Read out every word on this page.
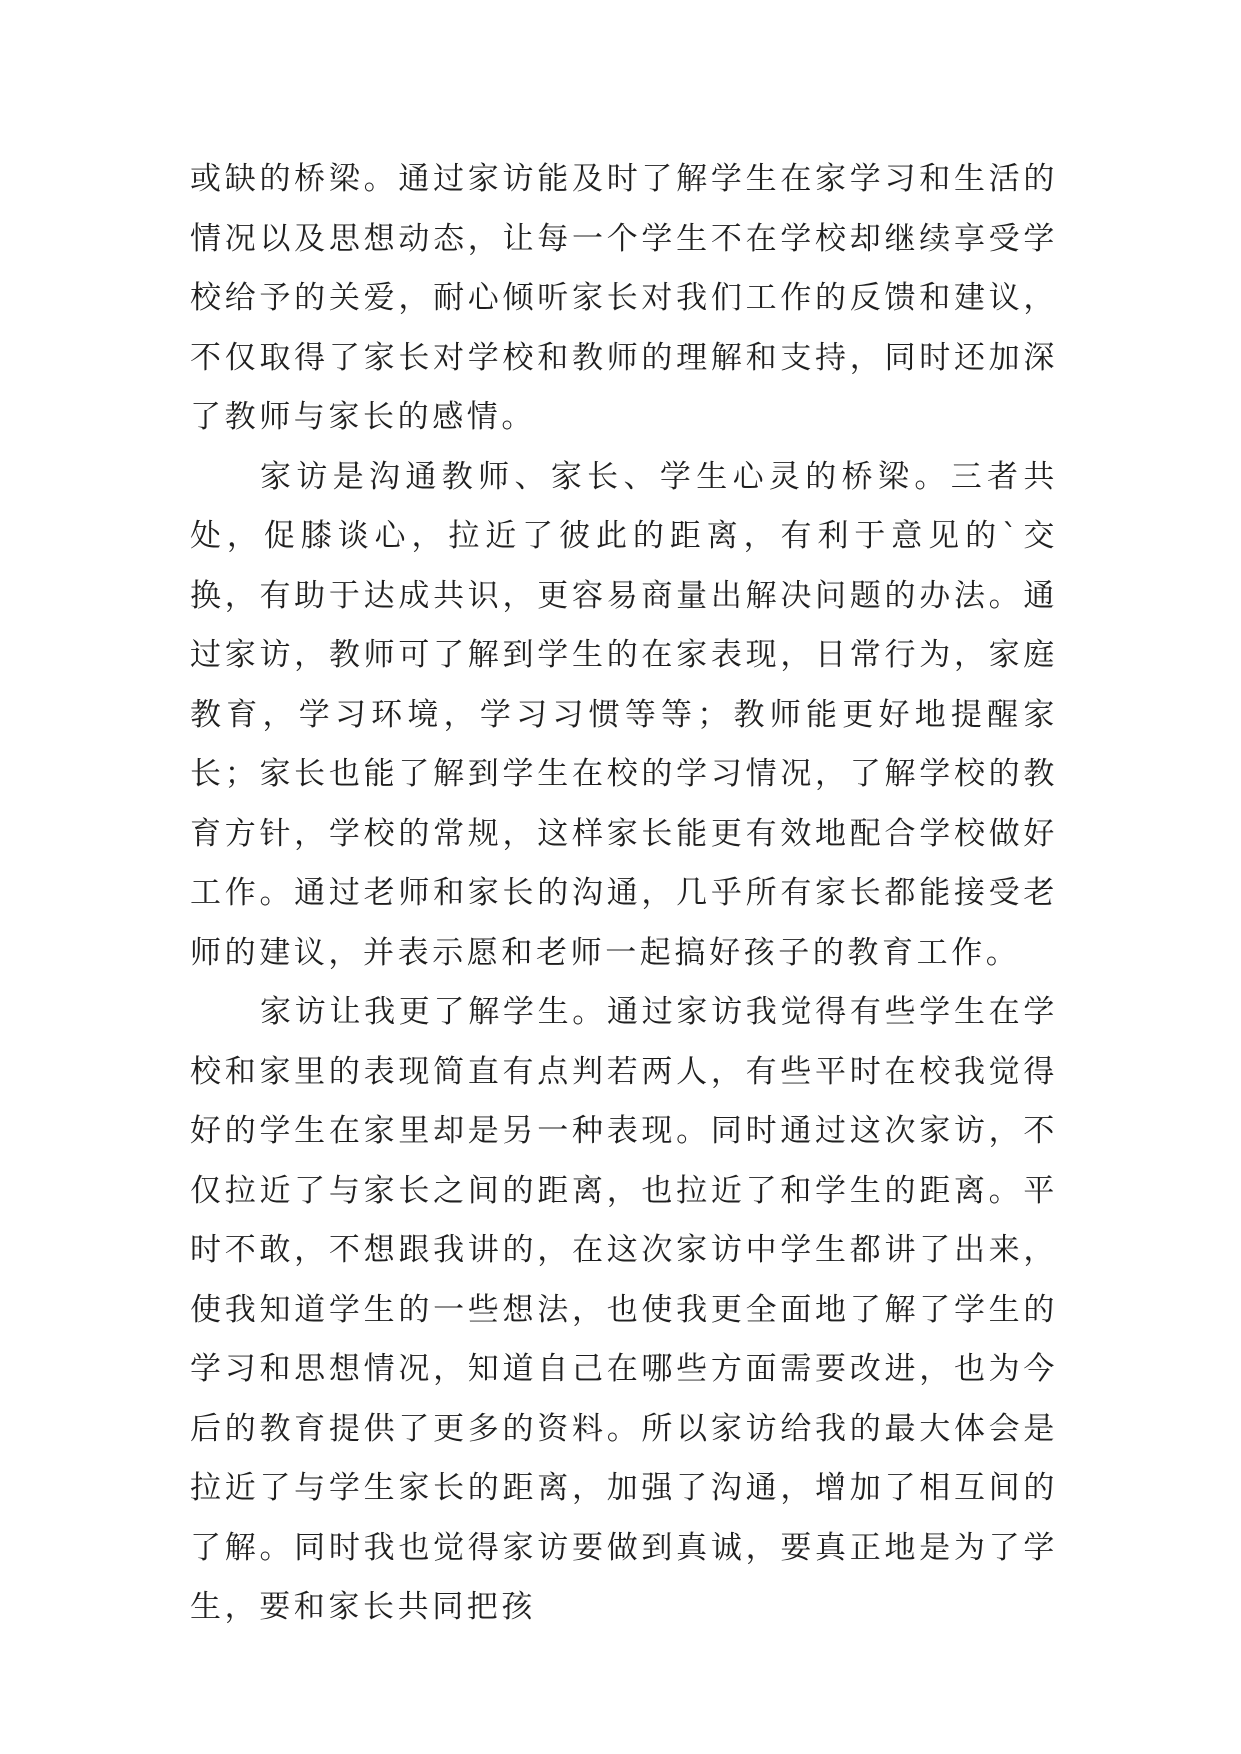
或缺的桥梁。通过家访能及时了解学生在家学习和生活的情况以及思想动态，让每一个学生不在学校却继续享受学校给予的关爱，耐心倾听家长对我们工作的反馈和建议，不仅取得了家长对学校和教师的理解和支持，同时还加深了教师与家长的感情。

家访是沟通教师、家长、学生心灵的桥梁。三者共处，促膝谈心，拉近了彼此的距离，有利于意见的`交换，有助于达成共识，更容易商量出解决问题的办法。通过家访，教师可了解到学生的在家表现，日常行为，家庭教育，学习环境，学习习惯等等；教师能更好地提醒家长；家长也能了解到学生在校的学习情况，了解学校的教育方针，学校的常规，这样家长能更有效地配合学校做好工作。通过老师和家长的沟通，几乎所有家长都能接受老师的建议，并表示愿和老师一起搞好孩子的教育工作。

家访让我更了解学生。通过家访我觉得有些学生在学校和家里的表现简直有点判若两人，有些平时在校我觉得好的学生在家里却是另一种表现。同时通过这次家访，不仅拉近了与家长之间的距离，也拉近了和学生的距离。平时不敢，不想跟我讲的，在这次家访中学生都讲了出来，使我知道学生的一些想法，也使我更全面地了解了学生的学习和思想情况，知道自己在哪些方面需要改进，也为今后的教育提供了更多的资料。所以家访给我的最大体会是拉近了与学生家长的距离，加强了沟通，增加了相互间的了解。同时我也觉得家访要做到真诚，要真正地是为了学生，要和家长共同把孩
